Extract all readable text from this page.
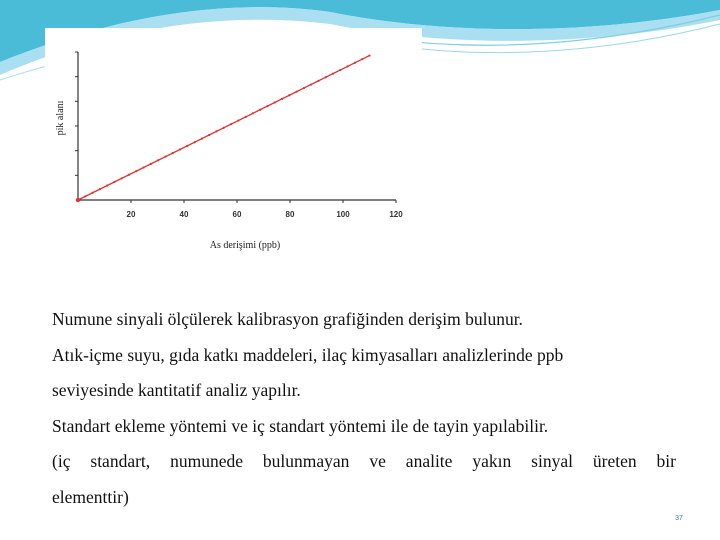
20	40	60	80	100	120
As derişimi (ppb)
pik alanı

Numune sinyali ölçülerek kalibrasyon grafiğinden derişim bulunur.

Atık-içme suyu, gıda katkı maddeleri, ilaç kimyasalları analizlerinde ppb

seviyesinde kantitatif analiz yapılır.

Standart ekleme yöntemi ve iç standart yöntemi ile de tayin yapılabilir.

(iç standart, numunede bulunmayan ve analite yakın sinyal üreten bir

elementtir)

37
